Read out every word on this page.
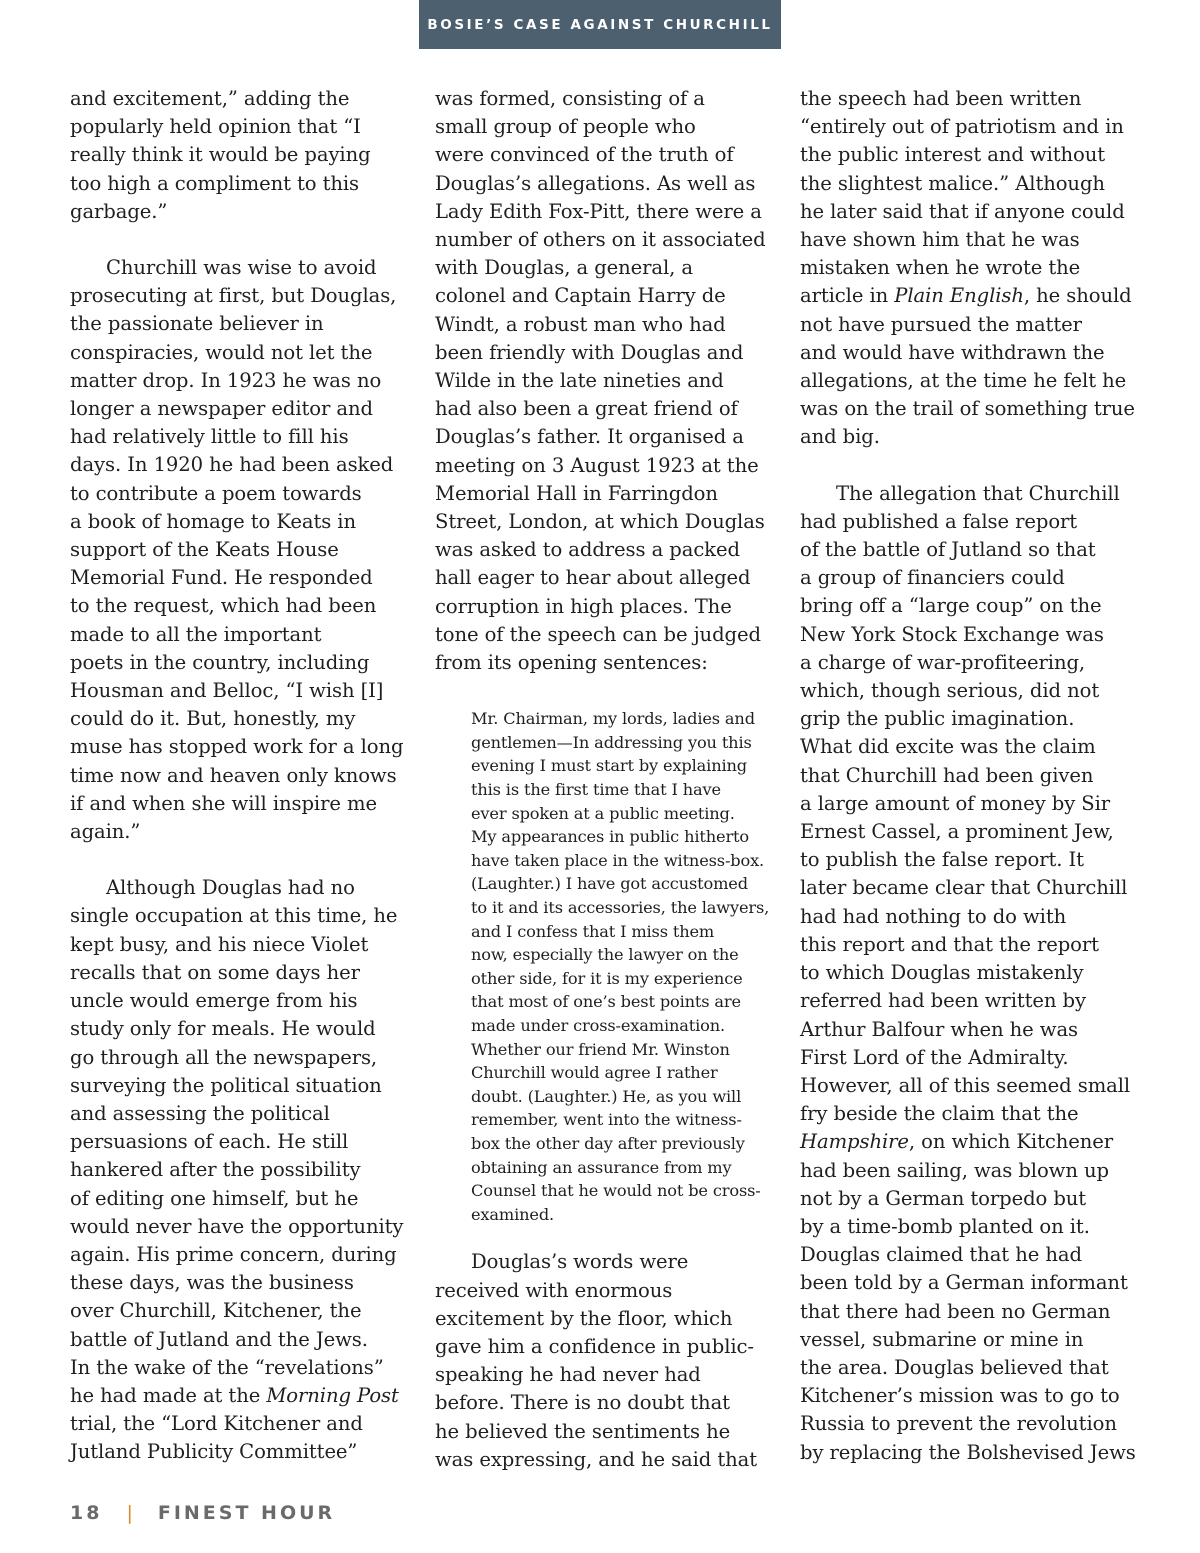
BOSIE’S CASE AGAINST CHURCHILL
and excitement,” adding the
popularly held opinion that “I
really think it would be paying
too high a compliment to this
garbage.”
Churchill was wise to avoid
prosecuting at first, but Douglas,
the passionate believer in
conspiracies, would not let the
matter drop. In 1923 he was no
longer a newspaper editor and
had relatively little to fill his
days. In 1920 he had been asked
to contribute a poem towards
a book of homage to Keats in
support of the Keats House
Memorial Fund. He responded
to the request, which had been
made to all the important
poets in the country, including
Housman and Belloc, “I wish [I]
could do it. But, honestly, my
muse has stopped work for a long
time now and heaven only knows
if and when she will inspire me
again.”
Although Douglas had no
single occupation at this time, he
kept busy, and his niece Violet
recalls that on some days her
uncle would emerge from his
study only for meals. He would
go through all the newspapers,
surveying the political situation
and assessing the political
persuasions of each. He still
hankered after the possibility
of editing one himself, but he
would never have the opportunity
again. His prime concern, during
these days, was the business
over Churchill, Kitchener, the
battle of Jutland and the Jews.
In the wake of the “revelations”
he had made at the Morning Post
trial, the “Lord Kitchener and
Jutland Publicity Committee”
was formed, consisting of a
small group of people who
were convinced of the truth of
Douglas’s allegations. As well as
Lady Edith Fox-Pitt, there were a
number of others on it associated
with Douglas, a general, a
colonel and Captain Harry de
Windt, a robust man who had
been friendly with Douglas and
Wilde in the late nineties and
had also been a great friend of
Douglas’s father. It organised a
meeting on 3 August 1923 at the
Memorial Hall in Farringdon
Street, London, at which Douglas
was asked to address a packed
hall eager to hear about alleged
corruption in high places. The
tone of the speech can be judged
from its opening sentences:
Mr. Chairman, my lords, ladies and
gentlemen—In addressing you this
evening I must start by explaining
this is the first time that I have
ever spoken at a public meeting.
My appearances in public hitherto
have taken place in the witness-box.
(Laughter.) I have got accustomed
to it and its accessories, the lawyers,
and I confess that I miss them
now, especially the lawyer on the
other side, for it is my experience
that most of one’s best points are
made under cross-examination.
Whether our friend Mr. Winston
Churchill would agree I rather
doubt. (Laughter.) He, as you will
remember, went into the witness-
box the other day after previously
obtaining an assurance from my
Counsel that he would not be cross-
examined.
Douglas’s words were
received with enormous
excitement by the floor, which
gave him a confidence in public-
speaking he had never had
before. There is no doubt that
he believed the sentiments he
was expressing, and he said that
the speech had been written
“entirely out of patriotism and in
the public interest and without
the slightest malice.” Although
he later said that if anyone could
have shown him that he was
mistaken when he wrote the
article in Plain English, he should
not have pursued the matter
and would have withdrawn the
allegations, at the time he felt he
was on the trail of something true
and big.
The allegation that Churchill
had published a false report
of the battle of Jutland so that
a group of financiers could
bring off a “large coup” on the
New York Stock Exchange was
a charge of war-profiteering,
which, though serious, did not
grip the public imagination.
What did excite was the claim
that Churchill had been given
a large amount of money by Sir
Ernest Cassel, a prominent Jew,
to publish the false report. It
later became clear that Churchill
had had nothing to do with
this report and that the report
to which Douglas mistakenly
referred had been written by
Arthur Balfour when he was
First Lord of the Admiralty.
However, all of this seemed small
fry beside the claim that the
Hampshire, on which Kitchener
had been sailing, was blown up
not by a German torpedo but
by a time-bomb planted on it.
Douglas claimed that he had
been told by a German informant
that there had been no German
vessel, submarine or mine in
the area. Douglas believed that
Kitchener’s mission was to go to
Russia to prevent the revolution
by replacing the Bolshevised Jews
18 | FINEST HOUR
